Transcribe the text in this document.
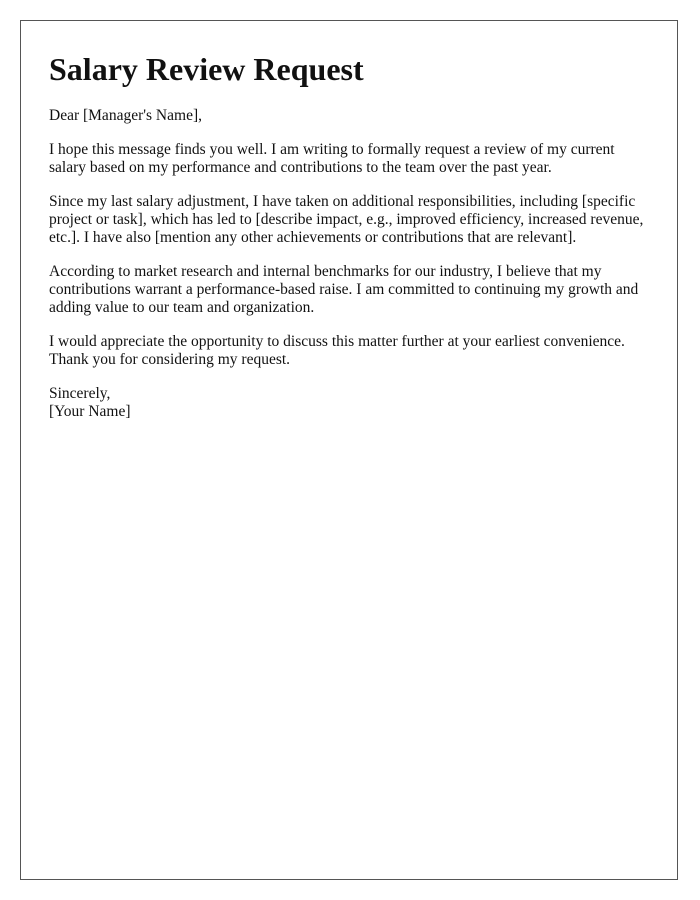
Salary Review Request

Dear [Manager's Name],

I hope this message finds you well. I am writing to formally request a review of my current salary based on my performance and contributions to the team over the past year.

Since my last salary adjustment, I have taken on additional responsibilities, including [specific project or task], which has led to [describe impact, e.g., improved efficiency, increased revenue, etc.]. I have also [mention any other achievements or contributions that are relevant].

According to market research and internal benchmarks for our industry, I believe that my contributions warrant a performance-based raise. I am committed to continuing my growth and adding value to our team and organization.

I would appreciate the opportunity to discuss this matter further at your earliest convenience. Thank you for considering my request.

Sincerely,

[Your Name]
